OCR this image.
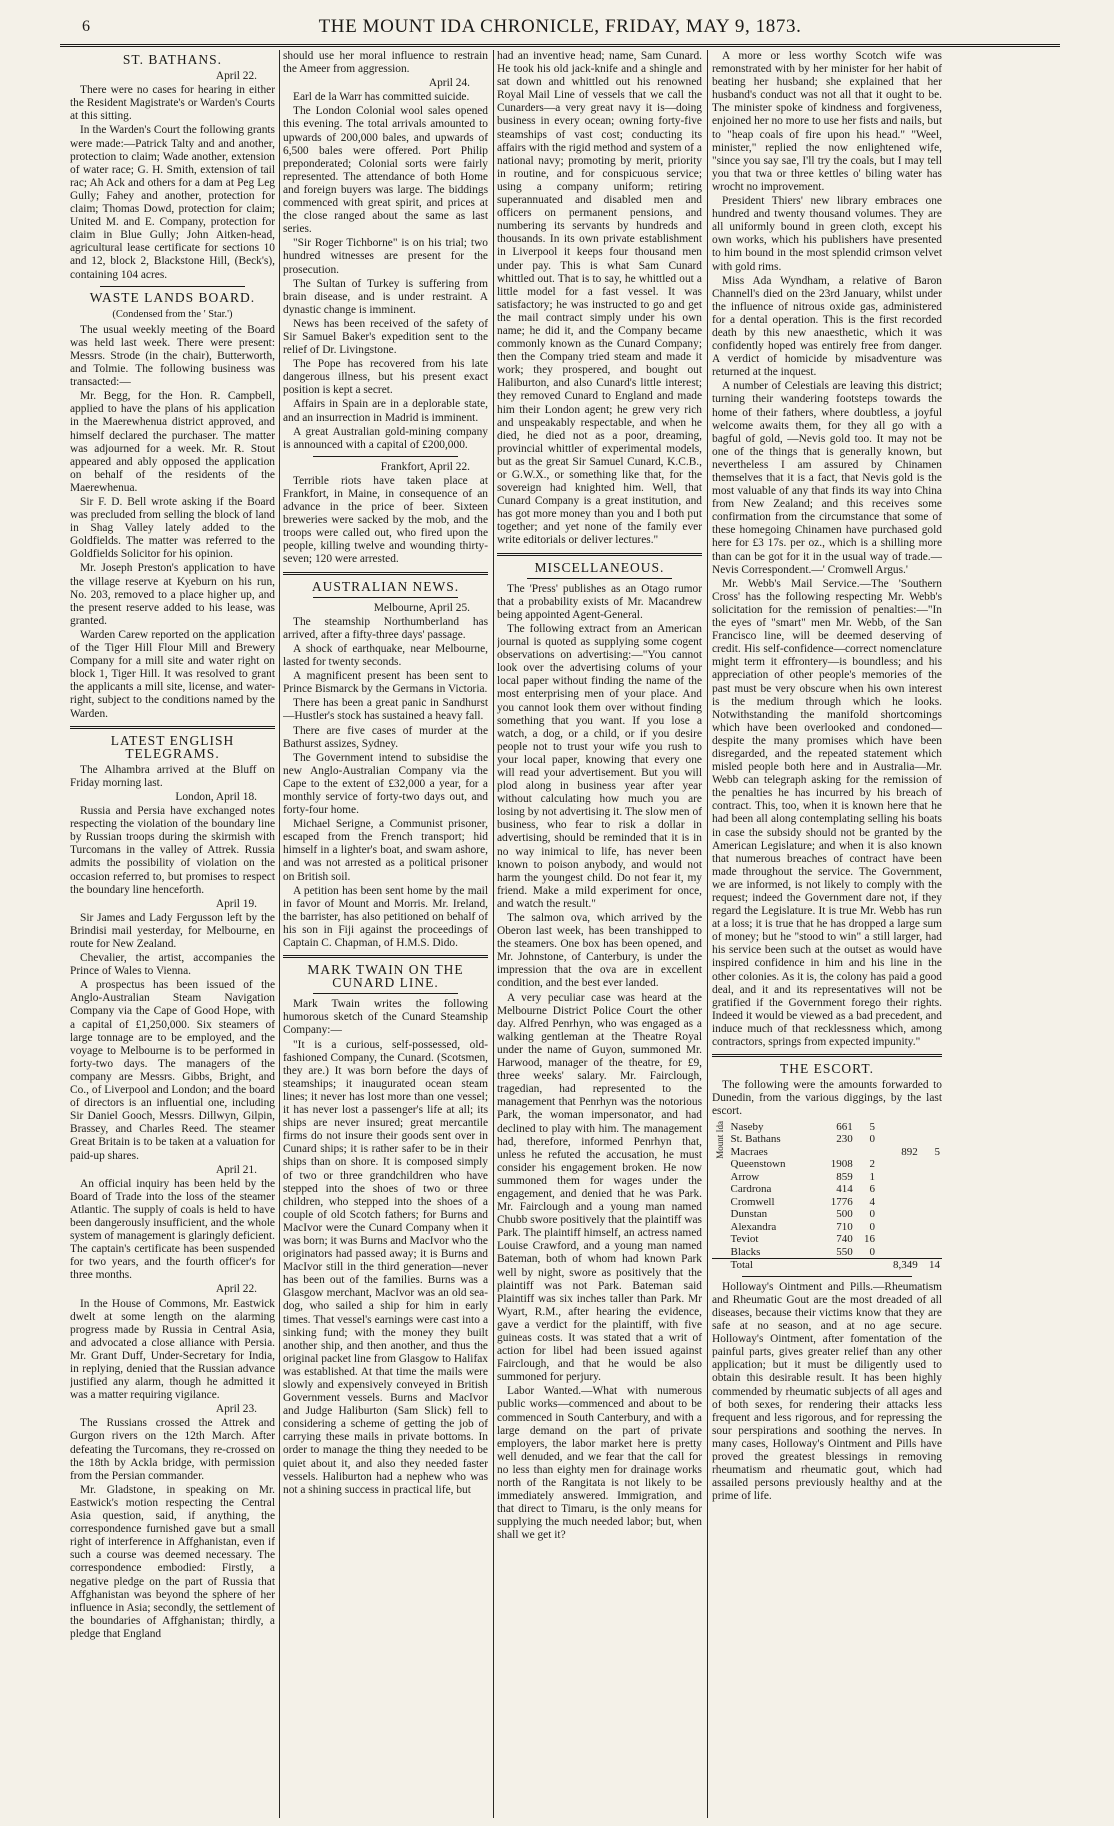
6	THE MOUNT IDA CHRONICLE, FRIDAY, MAY 9, 1873.
ST. BATHANS.

April 22.

There were no cases for hearing in either the Resident Magistrate's or Warden's Courts at this sitting.

In the Warden's Court the following grants were made:—Patrick Talty and and another, protection to claim; Wade another, extension of water race; G. H. Smith, extension of tail rac; Ah Ack and others for a dam at Peg Leg Gully; Fahey and another, protection for claim; Thomas Dowd, protection for claim; United M. and E. Company, protection for claim in Blue Gully; John Aitken-head, agricultural lease certificate for sections 10 and 12, block 2, Blackstone Hill, (Beck's), containing 104 acres.

WASTE LANDS BOARD.

(Condensed from the ' Star.')

The usual weekly meeting of the Board was held last week. There were present: Messrs. Strode (in the chair), Butterworth, and Tolmie. The following business was transacted:—

Mr. Begg, for the Hon. R. Campbell, applied to have the plans of his application in the Maerewhenua district approved, and himself declared the purchaser. The matter was adjourned for a week. Mr. R. Stout appeared and ably opposed the application on behalf of the residents of the Maerewhenua.

Sir F. D. Bell wrote asking if the Board was precluded from selling the block of land in Shag Valley lately added to the Goldfields. The matter was referred to the Goldfields Solicitor for his opinion.

Mr. Joseph Preston's application to have the village reserve at Kyeburn on his run, No. 203, removed to a place higher up, and the present reserve added to his lease, was granted.

Warden Carew reported on the application of the Tiger Hill Flour Mill and Brewery Company for a mill site and water right on block 1, Tiger Hill. It was resolved to grant the applicants a mill site, license, and water-right, subject to the conditions named by the Warden.

LATEST ENGLISH TELEGRAMS.

The Alhambra arrived at the Bluff on Friday morning last.

London, April 18.

Russia and Persia have exchanged notes respecting the violation of the boundary line by Russian troops during the skirmish with Turcomans in the valley of Attrek. Russia admits the possibility of violation on the occasion referred to, but promises to respect the boundary line henceforth.

April 19.

Sir James and Lady Fergusson left by the Brindisi mail yesterday, for Melbourne, en route for New Zealand.

Chevalier, the artist, accompanies the Prince of Wales to Vienna.

A prospectus has been issued of the Anglo-Australian Steam Navigation Company via the Cape of Good Hope, with a capital of £1,250,000. Six steamers of large tonnage are to be employed, and the voyage to Melbourne is to be performed in forty-two days. The managers of the company are Messrs. Gibbs, Bright, and Co., of Liverpool and London; and the board of directors is an influential one, including Sir Daniel Gooch, Messrs. Dillwyn, Gilpin, Brassey, and Charles Reed. The steamer Great Britain is to be taken at a valuation for paid-up shares.

April 21.

An official inquiry has been held by the Board of Trade into the loss of the steamer Atlantic. The supply of coals is held to have been dangerously insufficient, and the whole system of management is glaringly deficient. The captain's certificate has been suspended for two years, and the fourth officer's for three months.

April 22.

In the House of Commons, Mr. Eastwick dwelt at some length on the alarming progress made by Russia in Central Asia, and advocated a close alliance with Persia. Mr. Grant Duff, Under-Secretary for India, in replying, denied that the Russian advance justified any alarm, though he admitted it was a matter requiring vigilance.

April 23.

The Russians crossed the Attrek and Gurgon rivers on the 12th March. After defeating the Turcomans, they re-crossed on the 18th by Ackla bridge, with permission from the Persian commander.

Mr. Gladstone, in speaking on Mr. Eastwick's motion respecting the Central Asia question, said, if anything, the correspondence furnished gave but a small right of interference in Affghanistan, even if such a course was deemed necessary. The correspondence embodied: Firstly, a negative pledge on the part of Russia that Affghanistan was beyond the sphere of her influence in Asia; secondly, the settlement of the boundaries of Affghanistan; thirdly, a pledge that England

should use her moral influence to restrain the Ameer from aggression.

April 24.

Earl de la Warr has committed suicide.

The London Colonial wool sales opened this evening. The total arrivals amounted to upwards of 200,000 bales, and upwards of 6,500 bales were offered. Port Philip preponderated; Colonial sorts were fairly represented. The attendance of both Home and foreign buyers was large. The biddings commenced with great spirit, and prices at the close ranged about the same as last series.

"Sir Roger Tichborne" is on his trial; two hundred witnesses are present for the prosecution.

The Sultan of Turkey is suffering from brain disease, and is under restraint. A dynastic change is imminent.

News has been received of the safety of Sir Samuel Baker's expedition sent to the relief of Dr. Livingstone.

The Pope has recovered from his late dangerous illness, but his present exact position is kept a secret.

Affairs in Spain are in a deplorable state, and an insurrection in Madrid is imminent.

A great Australian gold-mining company is announced with a capital of £200,000.

Frankfort, April 22.

Terrible riots have taken place at Frankfort, in Maine, in consequence of an advance in the price of beer. Sixteen breweries were sacked by the mob, and the troops were called out, who fired upon the people, killing twelve and wounding thirty-seven; 120 were arrested.

AUSTRALIAN NEWS.

Melbourne, April 25.

The steamship Northumberland has arrived, after a fifty-three days' passage.

A shock of earthquake, near Melbourne, lasted for twenty seconds.

A magnificent present has been sent to Prince Bismarck by the Germans in Victoria.

There has been a great panic in Sandhurst—Hustler's stock has sustained a heavy fall.

There are five cases of murder at the Bathurst assizes, Sydney.

The Government intend to subsidise the new Anglo-Australian Company via the Cape to the extent of £32,000 a year, for a monthly service of forty-two days out, and forty-four home.

Michael Serigne, a Communist prisoner, escaped from the French transport; hid himself in a lighter's boat, and swam ashore, and was not arrested as a political prisoner on British soil.

A petition has been sent home by the mail in favor of Mount and Morris. Mr. Ireland, the barrister, has also petitioned on behalf of his son in Fiji against the proceedings of Captain C. Chapman, of H.M.S. Dido.

MARK TWAIN ON THE CUNARD LINE.

Mark Twain writes the following humorous sketch of the Cunard Steamship Company:—

"It is a curious, self-possessed, old-fashioned Company, the Cunard. (Scotsmen, they are.) It was born before the days of steamships; it inaugurated ocean steam lines; it never has lost more than one vessel; it has never lost a passenger's life at all; its ships are never insured; great mercantile firms do not insure their goods sent over in Cunard ships; it is rather safer to be in their ships than on shore. It is composed simply of two or three grandchildren who have stepped into the shoes of two or three children, who stepped into the shoes of a couple of old Scotch fathers; for Burns and MacIvor were the Cunard Company when it was born; it was Burns and MacIvor who the originators had passed away; it is Burns and MacIvor still in the third generation—never has been out of the families. Burns was a Glasgow merchant, MacIvor was an old sea-dog, who sailed a ship for him in early times. That vessel's earnings were cast into a sinking fund; with the money they built another ship, and then another, and thus the original packet line from Glasgow to Halifax was established. At that time the mails were slowly and expensively conveyed in British Government vessels. Burns and MacIvor and Judge Haliburton (Sam Slick) fell to considering a scheme of getting the job of carrying these mails in private bottoms. In order to manage the thing they needed to be quiet about it, and also they needed faster vessels. Haliburton had a nephew who was not a shining success in practical life, but

had an inventive head; name, Sam Cunard. He took his old jack-knife and a shingle and sat down and whittled out his renowned Royal Mail Line of vessels that we call the Cunarders—a very great navy it is—doing business in every ocean; owning forty-five steamships of vast cost; conducting its affairs with the rigid method and system of a national navy; promoting by merit, priority in routine, and for conspicuous service; using a company uniform; retiring superannuated and disabled men and officers on permanent pensions, and numbering its servants by hundreds and thousands. In its own private establishment in Liverpool it keeps four thousand men under pay. This is what Sam Cunard whittled out. That is to say, he whittled out a little model for a fast vessel. It was satisfactory; he was instructed to go and get the mail contract simply under his own name; he did it, and the Company became commonly known as the Cunard Company; then the Company tried steam and made it work; they prospered, and bought out Haliburton, and also Cunard's little interest; they removed Cunard to England and made him their London agent; he grew very rich and unspeakably respectable, and when he died, he died not as a poor, dreaming, provincial whittler of experimental models, but as the great Sir Samuel Cunard, K.C.B., or G.W.X., or something like that, for the sovereign had knighted him. Well, that Cunard Company is a great institution, and has got more money than you and I both put together; and yet none of the family ever write editorials or deliver lectures."

MISCELLANEOUS.

The 'Press' publishes as an Otago rumor that a probability exists of Mr. Macandrew being appointed Agent-General.

The following extract from an American journal is quoted as supplying some cogent observations on advertising:—"You cannot look over the advertising colums of your local paper without finding the name of the most enterprising men of your place. And you cannot look them over without finding something that you want. If you lose a watch, a dog, or a child, or if you desire people not to trust your wife you rush to your local paper, knowing that every one will read your advertisement. But you will plod along in business year after year without calculating how much you are losing by not advertising it. The slow men of business, who fear to risk a dollar in advertising, should be reminded that it is in no way inimical to life, has never been known to poison anybody, and would not harm the youngest child. Do not fear it, my friend. Make a mild experiment for once, and watch the result."

The salmon ova, which arrived by the Oberon last week, has been transhipped to the steamers. One box has been opened, and Mr. Johnstone, of Canterbury, is under the impression that the ova are in excellent condition, and the best ever landed.

A very peculiar case was heard at the Melbourne District Police Court the other day. Alfred Penrhyn, who was engaged as a walking gentleman at the Theatre Royal under the name of Guyon, summoned Mr. Harwood, manager of the theatre, for £9, three weeks' salary. Mr. Fairclough, tragedian, had represented to the management that Penrhyn was the notorious Park, the woman impersonator, and had declined to play with him. The management had, therefore, informed Penrhyn that, unless he refuted the accusation, he must consider his engagement broken. He now summoned them for wages under the engagement, and denied that he was Park. Mr. Fairclough and a young man named Chubb swore positively that the plaintiff was Park. The plaintiff himself, an actress named Louise Crawford, and a young man named Bateman, both of whom had known Park well by night, swore as positively that the plaintiff was not Park. Bateman said Plaintiff was six inches taller than Park. Mr Wyart, R.M., after hearing the evidence, gave a verdict for the plaintiff, with five guineas costs. It was stated that a writ of action for libel had been issued against Fairclough, and that he would be also summoned for perjury.

Labor Wanted.—What with numerous public works—commenced and about to be commenced in South Canterbury, and with a large demand on the part of private employers, the labor market here is pretty well denuded, and we fear that the call for no less than eighty men for drainage works north of the Rangitata is not likely to be immediately answered. Immigration, and that direct to Timaru, is the only means for supplying the much needed labor; but, when shall we get it?

A more or less worthy Scotch wife was remonstrated with by her minister for her habit of beating her husband; she explained that her husband's conduct was not all that it ought to be. The minister spoke of kindness and forgiveness, enjoined her no more to use her fists and nails, but to "heap coals of fire upon his head." "Weel, minister," replied the now enlightened wife, "since you say sae, I'll try the coals, but I may tell you that twa or three kettles o' biling water has wrocht no improvement.

President Thiers' new library embraces one hundred and twenty thousand volumes. They are all uniformly bound in green cloth, except his own works, which his publishers have presented to him bound in the most splendid crimson velvet with gold rims.

Miss Ada Wyndham, a relative of Baron Channell's died on the 23rd January, whilst under the influence of nitrous oxide gas, administered for a dental operation. This is the first recorded death by this new anaesthetic, which it was confidently hoped was entirely free from danger. A verdict of homicide by misadventure was returned at the inquest.

A number of Celestials are leaving this district; turning their wandering footsteps towards the home of their fathers, where doubtless, a joyful welcome awaits them, for they all go with a bagful of gold, —Nevis gold too. It may not be one of the things that is generally known, but nevertheless I am assured by Chinamen themselves that it is a fact, that Nevis gold is the most valuable of any that finds its way into China from New Zealand; and this receives some confirmation from the circumstance that some of these homegoing Chinamen have purchased gold here for £3 17s. per oz., which is a shilling more than can be got for it in the usual way of trade.—Nevis Correspondent.—' Cromwell Argus.'

Mr. Webb's Mail Service.—The 'Southern Cross' has the following respecting Mr. Webb's solicitation for the remission of penalties:—"In the eyes of "smart" men Mr. Webb, of the San Francisco line, will be deemed deserving of credit. His self-confidence—correct nomenclature might term it effrontery—is boundless; and his appreciation of other people's memories of the past must be very obscure when his own interest is the medium through which he looks. Notwithstanding the manifold shortcomings which have been overlooked and condoned—despite the many promises which have been disregarded, and the repeated statement which misled people both here and in Australia—Mr. Webb can telegraph asking for the remission of the penalties he has incurred by his breach of contract. This, too, when it is known here that he had been all along contemplating selling his boats in case the subsidy should not be granted by the American Legislature; and when it is also known that numerous breaches of contract have been made throughout the service. The Government, we are informed, is not likely to comply with the request; indeed the Government dare not, if they regard the Legislature. It is true Mr. Webb has run at a loss; it is true that he has dropped a large sum of money; but he "stood to win" a still larger, had his service been such at the outset as would have inspired confidence in him and his line in the other colonies. As it is, the colony has paid a good deal, and it and its representatives will not be gratified if the Government forego their rights. Indeed it would be viewed as a bad precedent, and induce much of that recklessness which, among contractors, springs from expected impunity."

THE ESCORT.

The following were the amounts forwarded to Dunedin, from the various diggings, by the last escort.

Mount Ida	Naseby	661	5		
	St. Bathans	230	0		
	Macraes			892	5
	Queenstown	1908	2		
	Arrow	859	1		
	Cardrona	414	6		
	Cromwell	1776	4		
	Dunstan	500	0		
	Alexandra	710	0		
	Teviot	740	16		
	Blacks	550	0		
	Total			8,349	14

Holloway's Ointment and Pills.—Rheumatism and Rheumatic Gout are the most dreaded of all diseases, because their victims know that they are safe at no season, and at no age secure. Holloway's Ointment, after fomentation of the painful parts, gives greater relief than any other application; but it must be diligently used to obtain this desirable result. It has been highly commended by rheumatic subjects of all ages and of both sexes, for rendering their attacks less frequent and less rigorous, and for repressing the sour perspirations and soothing the nerves. In many cases, Holloway's Ointment and Pills have proved the greatest blessings in removing rheumatism and rheumatic gout, which had assailed persons previously healthy and at the prime of life.
